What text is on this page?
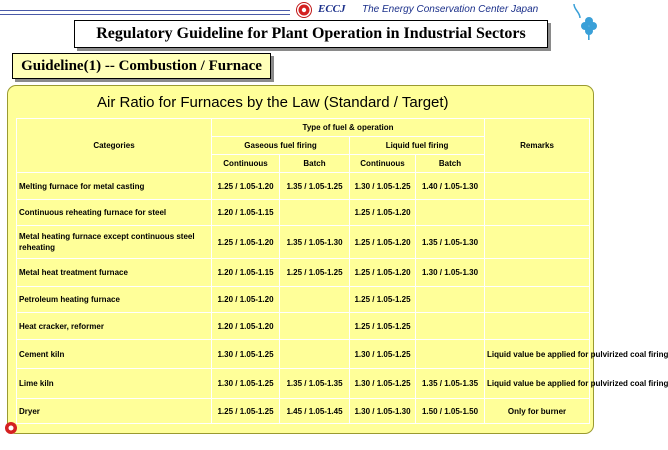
ECCJ The Energy Conservation Center Japan
Regulatory Guideline for Plant Operation in Industrial Sectors
Guideline(1) -- Combustion / Furnace
Air Ratio for Furnaces by the Law (Standard / Target)
Categories	Type of fuel & operation				Remarks
	Gaseous fuel firing		Liquid fuel firing		
	Continuous	Batch	Continuous	Batch	
Melting furnace for metal casting	1.25 / 1.05-1.20	1.35 / 1.05-1.25	1.30 / 1.05-1.25	1.40 / 1.05-1.30	
Continuous reheating furnace for steel	1.20 / 1.05-1.15		1.25 / 1.05-1.20		
Metal heating furnace except continuous steel reheating	1.25 / 1.05-1.20	1.35 / 1.05-1.30	1.25 / 1.05-1.20	1.35 / 1.05-1.30	
Metal heat treatment furnace	1.20 / 1.05-1.15	1.25 / 1.05-1.25	1.25 / 1.05-1.20	1.30 / 1.05-1.30	
Petroleum heating furnace	1.20 / 1.05-1.20		1.25 / 1.05-1.25		
Heat cracker, reformer	1.20 / 1.05-1.20		1.25 / 1.05-1.25		
Cement kiln	1.30 / 1.05-1.25		1.30 / 1.05-1.25		Liquid value be applied for pulvirized coal firing
Lime kiln	1.30 / 1.05-1.25	1.35 / 1.05-1.35	1.30 / 1.05-1.25	1.35 / 1.05-1.35	Liquid value be applied for pulvirized coal firing
Dryer	1.25 / 1.05-1.25	1.45 / 1.05-1.45	1.30 / 1.05-1.30	1.50 / 1.05-1.50	Only for burner
